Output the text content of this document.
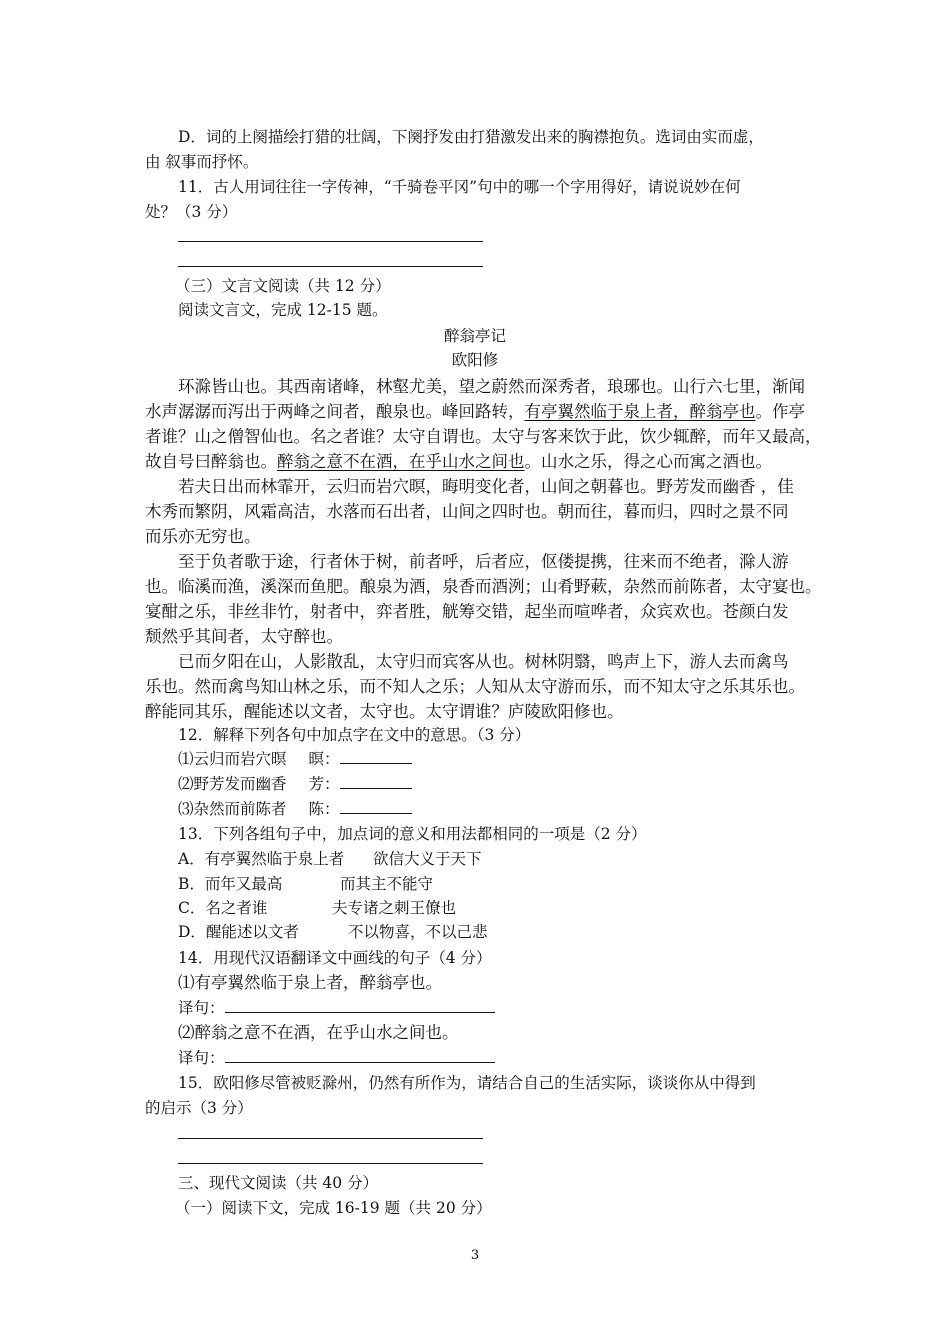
D．词的上阕描绘打猎的壮阔，下阕抒发由打猎激发出来的胸襟抱负。选词由实而虚，
由 叙事而抒怀。
11．古人用词往往一字传神，“千骑卷平冈”句中的哪一个字用得好，请说说妙在何
处？（3 分）
（三）文言文阅读（共 12 分）
阅读文言文，完成 12-15 题。
醉翁亭记
欧阳修
环滁皆山也。其西南诸峰，林壑尤美，望之蔚然而深秀者，琅琊也。山行六七里，渐闻
水声潺潺而泻出于两峰之间者，酿泉也。峰回路转，有亭翼然临于泉上者，醉翁亭也。作亭
者谁？山之僧智仙也。名之者谁？太守自谓也。太守与客来饮于此，饮少辄醉，而年又最高，
故自号曰醉翁也。醉翁之意不在酒，在乎山水之间也。山水之乐，得之心而寓之酒也。
若夫日出而林霏开，云归而岩穴暝，晦明变化者，山间之朝暮也。野芳发而幽香 ，佳
木秀而繁阴，风霜高洁，水落而石出者，山间之四时也。朝而往，暮而归，四时之景不同
而乐亦无穷也。
至于负者歌于途，行者休于树，前者呼，后者应，伛偻提携，往来而不绝者，滁人游
也。临溪而渔，溪深而鱼肥。酿泉为酒，泉香而酒洌；山肴野蔌，杂然而前陈者，太守宴也。
宴酣之乐，非丝非竹，射者中，弈者胜，觥筹交错，起坐而喧哗者，众宾欢也。苍颜白发
颓然乎其间者，太守醉也。
已而夕阳在山，人影散乱，太守归而宾客从也。树林阴翳，鸣声上下，游人去而禽鸟
乐也。然而禽鸟知山林之乐，而不知人之乐；人知从太守游而乐，而不知太守之乐其乐也。
醉能同其乐，醒能述以文者，太守也。太守谓谁？庐陵欧阳修也。
12．解释下列各句中加点字在文中的意思。（3 分）
⑴云归而岩穴暝 暝：
⑵野芳发而幽香 芳：
⑶杂然而前陈者 陈：
13．下列各组句子中，加点词的意义和用法都相同的一项是（2 分）
A．有亭翼然临于泉上者 欲信大义于天下
B．而年又最高	而其主不能守
C．名之者谁	夫专诸之刺王僚也
D．醒能述以文者	不以物喜，不以己悲
14．用现代汉语翻译文中画线的句子（4 分）
⑴有亭翼然临于泉上者，醉翁亭也。
译句：
⑵醉翁之意不在酒，在乎山水之间也。
译句：
15．欧阳修尽管被贬滁州，仍然有所作为，请结合自己的生活实际，谈谈你从中得到
的启示（3 分）
三、现代文阅读（共 40 分）
（一）阅读下文，完成 16-19 题（共 20 分）
3
